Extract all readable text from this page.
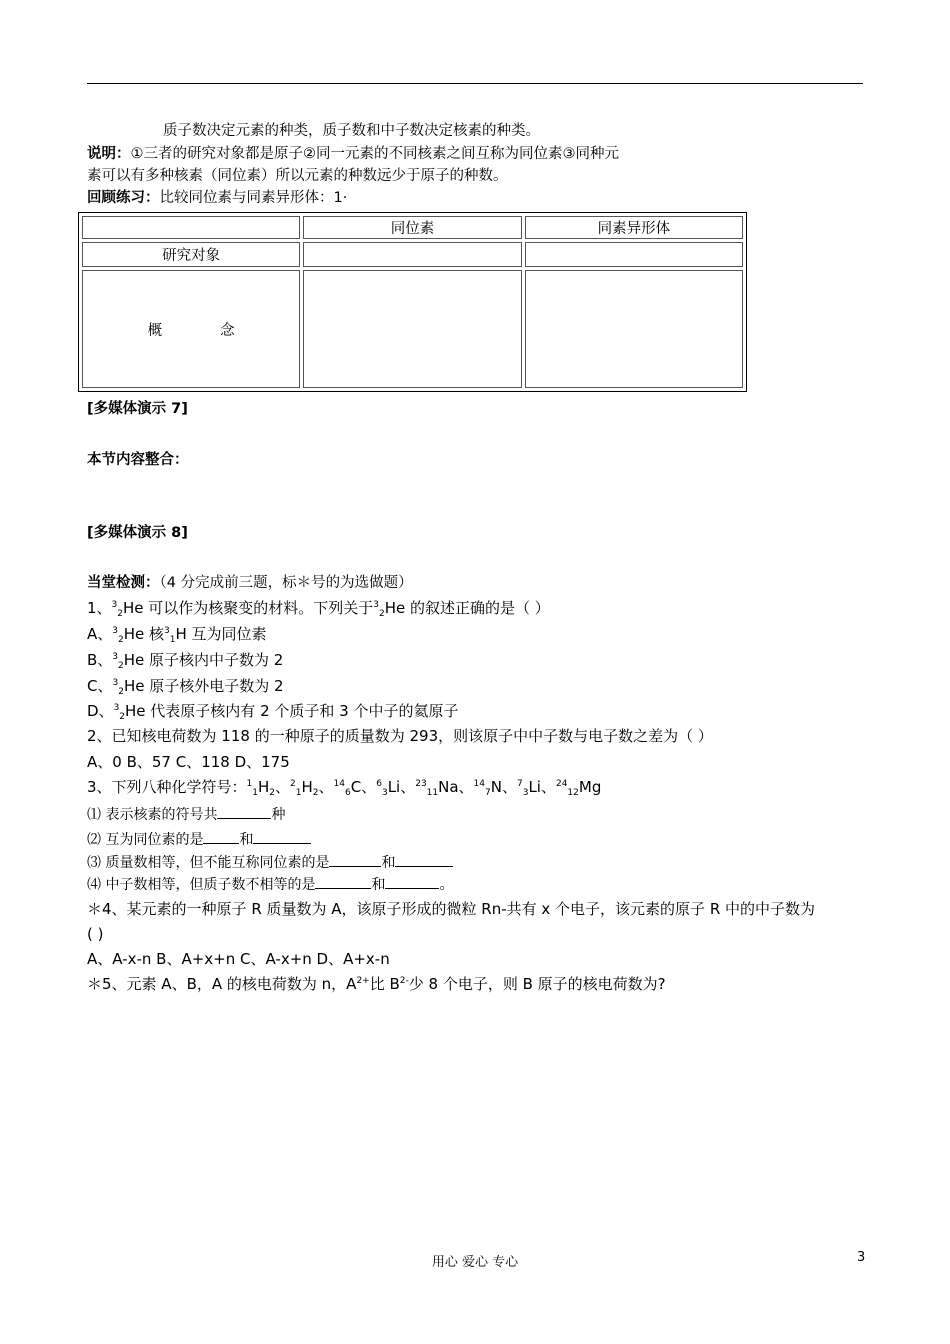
质子数决定元素的种类，质子数和中子数决定核素的种类。
说明：①三者的研究对象都是原子②同一元素的不同核素之间互称为同位素③同种元
素可以有多种核素（同位素）所以元素的种数远少于原子的种数。
回顾练习：比较同位素与同素异形体：1·
	同位素	同素异形体
研究对象		
概 念		
[多媒体演示 7]
本节内容整合：
[多媒体演示 8]
当堂检测：（4 分完成前三题，标＊号的为选做题）
1、$^3_2$He 可以作为核聚变的材料。下列关于$^3_2$He 的叙述正确的是（ ）
A、$^3_2$He 核$^3_1$H 互为同位素
B、$^3_2$He 原子核内中子数为 2
C、$^3_2$He 原子核外电子数为 2
D、$^3_2$He 代表原子核内有 2 个质子和 3 个中子的氦原子
2、已知核电荷数为 118 的一种原子的质量数为 293，则该原子中中子数与电子数之差为（ ）
A、0 B、57 C、118 D、175
3、下列八种化学符号：$^1_1H_2$、$^2_1H_2$、$^{14}_6$C、$^6_3$Li、$^{23}_{11}$Na、$^{14}_7$N、$^7_3$Li、$^{24}_{12}$Mg
⑴ 表示核素的符号共	种
⑵ 互为同位素的是	和
⑶ 质量数相等，但不能互称同位素的是	和
⑷ 中子数相等，但质子数不相等的是	和	。
＊4、某元素的一种原子 R 质量数为 A，该原子形成的微粒 Rn-共有 x 个电子，该元素的原子 R 中的中子数为
( )
A、A-x-n B、A+x+n C、A-x+n D、A+x-n
＊5、元素 A、B，A 的核电荷数为 n，$A^{2+}$比 $B^{2-}$少 8 个电子，则 B 原子的核电荷数为?
用心 爱心 专心	3
